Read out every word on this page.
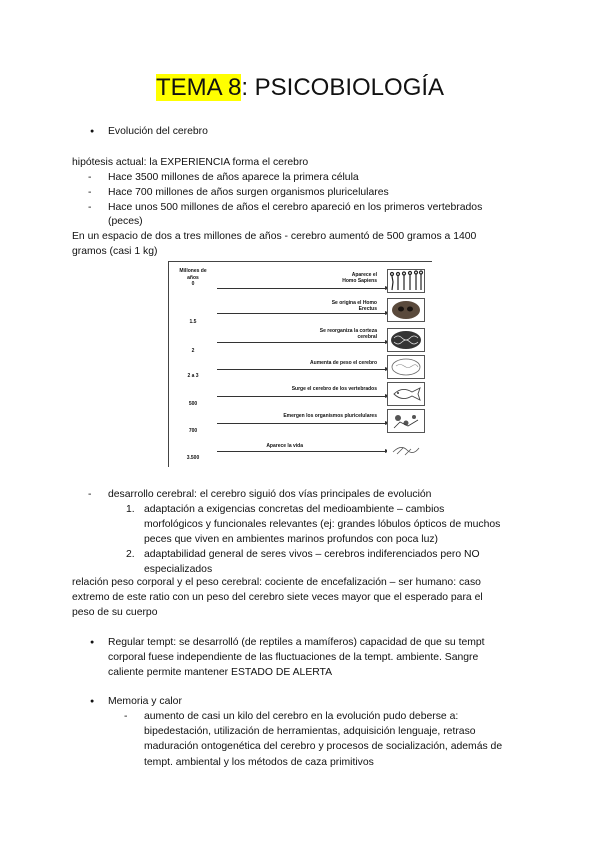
TEMA 8: PSICOBIOLOGÍA
● Evolución del cerebro
hipótesis actual: la EXPERIENCIA forma el cerebro
- Hace 3500 millones de años aparece la primera célula
- Hace 700 millones de años surgen organismos pluricelulares
- Hace unos 500 millones de años el cerebro apareció en los primeros vertebrados
(peces)
En un espacio de dos a tres millones de años - cerebro aumentó de 500 gramos a 1400
gramos (casi 1 kg)
Millones de
años
0
Aparece el
Homo Sapiens
1.5
Se origina el Homo
Erectus
2
Se reorganiza la corteza
cerebral
2 a 3
Aumenta de peso el cerebro
500
Surge el cerebro de los vertebrados
700
Emergen los organismos pluricelulares
3.500
Aparece la vida
- desarrollo cerebral: el cerebro siguió dos vías principales de evolución
1. adaptación a exigencias concretas del medioambiente – cambios
morfológicos y funcionales relevantes (ej: grandes lóbulos ópticos de muchos
peces que viven en ambientes marinos profundos con poca luz)
2. adaptabilidad general de seres vivos – cerebros indiferenciados pero NO
especializados
relación peso corporal y el peso cerebral: cociente de encefalización – ser humano: caso
extremo de este ratio con un peso del cerebro siete veces mayor que el esperado para el
peso de su cuerpo
● Regular tempt: se desarrolló (de reptiles a mamíferos) capacidad de que su tempt
corporal fuese independiente de las fluctuaciones de la tempt. ambiente. Sangre
caliente permite mantener ESTADO DE ALERTA
● Memoria y calor
- aumento de casi un kilo del cerebro en la evolución pudo deberse a:
bipedestación, utilización de herramientas, adquisición lenguaje, retraso
maduración ontogenética del cerebro y procesos de socialización, además de
tempt. ambiental y los métodos de caza primitivos
